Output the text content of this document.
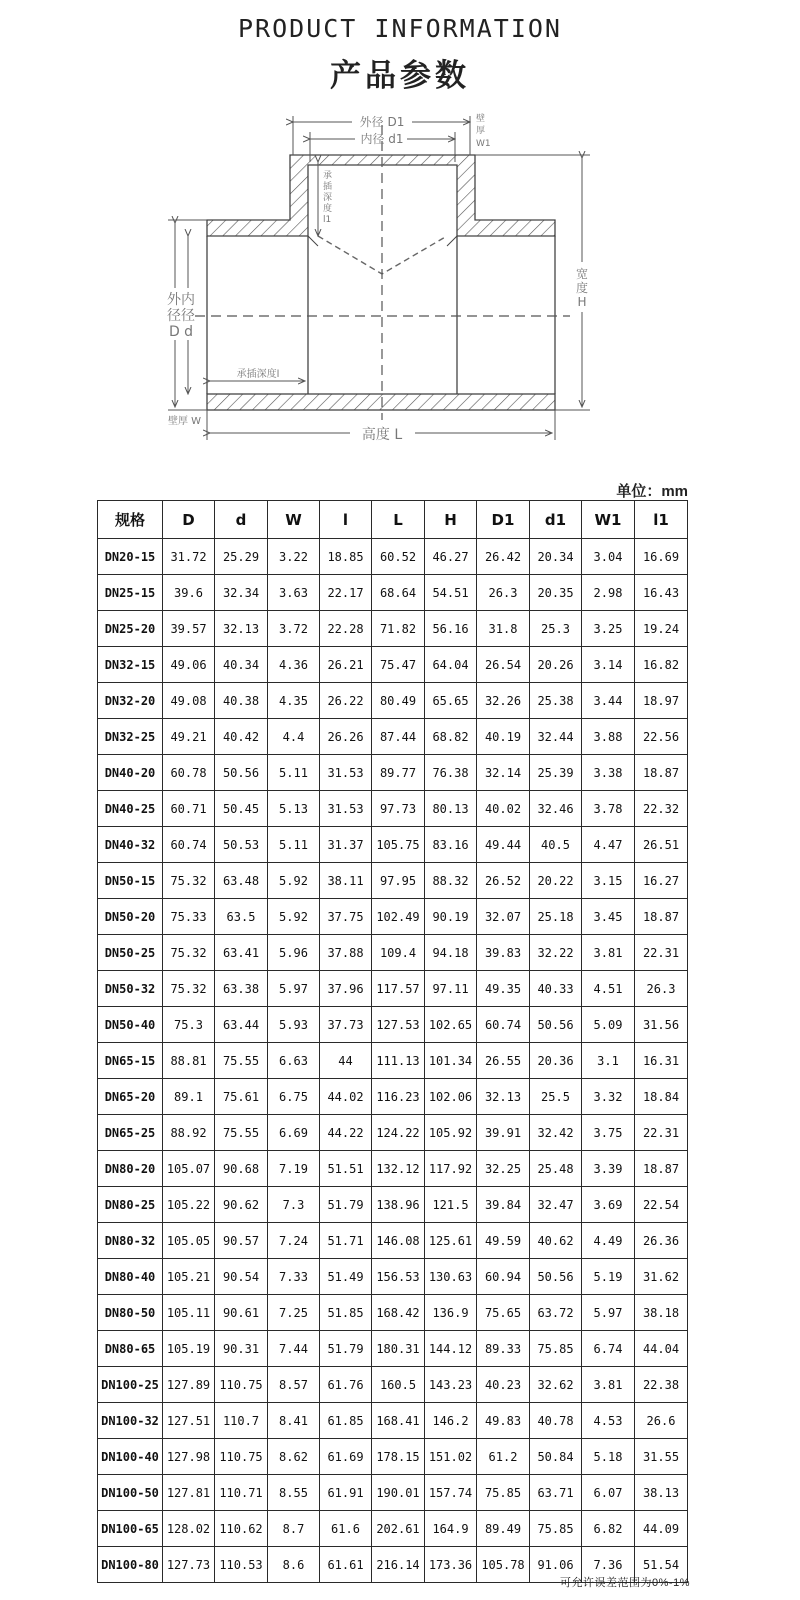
PRODUCT INFORMATION
产品参数
外径 D1
内径 d1
壁
厚
W1
承
插
深
度
l1
宽
度
H
外内
径径
D d
承插深度l
壁厚 W
高度 L
单位：mm
规格	D	d	W	l	L	H	D1	d1	W1	l1
DN20-15	31.72	25.29	3.22	18.85	60.52	46.27	26.42	20.34	3.04	16.69
DN25-15	39.6	32.34	3.63	22.17	68.64	54.51	26.3	20.35	2.98	16.43
DN25-20	39.57	32.13	3.72	22.28	71.82	56.16	31.8	25.3	3.25	19.24
DN32-15	49.06	40.34	4.36	26.21	75.47	64.04	26.54	20.26	3.14	16.82
DN32-20	49.08	40.38	4.35	26.22	80.49	65.65	32.26	25.38	3.44	18.97
DN32-25	49.21	40.42	4.4	26.26	87.44	68.82	40.19	32.44	3.88	22.56
DN40-20	60.78	50.56	5.11	31.53	89.77	76.38	32.14	25.39	3.38	18.87
DN40-25	60.71	50.45	5.13	31.53	97.73	80.13	40.02	32.46	3.78	22.32
DN40-32	60.74	50.53	5.11	31.37	105.75	83.16	49.44	40.5	4.47	26.51
DN50-15	75.32	63.48	5.92	38.11	97.95	88.32	26.52	20.22	3.15	16.27
DN50-20	75.33	63.5	5.92	37.75	102.49	90.19	32.07	25.18	3.45	18.87
DN50-25	75.32	63.41	5.96	37.88	109.4	94.18	39.83	32.22	3.81	22.31
DN50-32	75.32	63.38	5.97	37.96	117.57	97.11	49.35	40.33	4.51	26.3
DN50-40	75.3	63.44	5.93	37.73	127.53	102.65	60.74	50.56	5.09	31.56
DN65-15	88.81	75.55	6.63	44	111.13	101.34	26.55	20.36	3.1	16.31
DN65-20	89.1	75.61	6.75	44.02	116.23	102.06	32.13	25.5	3.32	18.84
DN65-25	88.92	75.55	6.69	44.22	124.22	105.92	39.91	32.42	3.75	22.31
DN80-20	105.07	90.68	7.19	51.51	132.12	117.92	32.25	25.48	3.39	18.87
DN80-25	105.22	90.62	7.3	51.79	138.96	121.5	39.84	32.47	3.69	22.54
DN80-32	105.05	90.57	7.24	51.71	146.08	125.61	49.59	40.62	4.49	26.36
DN80-40	105.21	90.54	7.33	51.49	156.53	130.63	60.94	50.56	5.19	31.62
DN80-50	105.11	90.61	7.25	51.85	168.42	136.9	75.65	63.72	5.97	38.18
DN80-65	105.19	90.31	7.44	51.79	180.31	144.12	89.33	75.85	6.74	44.04
DN100-25	127.89	110.75	8.57	61.76	160.5	143.23	40.23	32.62	3.81	22.38
DN100-32	127.51	110.7	8.41	61.85	168.41	146.2	49.83	40.78	4.53	26.6
DN100-40	127.98	110.75	8.62	61.69	178.15	151.02	61.2	50.84	5.18	31.55
DN100-50	127.81	110.71	8.55	61.91	190.01	157.74	75.85	63.71	6.07	38.13
DN100-65	128.02	110.62	8.7	61.6	202.61	164.9	89.49	75.85	6.82	44.09
DN100-80	127.73	110.53	8.6	61.61	216.14	173.36	105.78	91.06	7.36	51.54
可允许误差范围为0%-1%
